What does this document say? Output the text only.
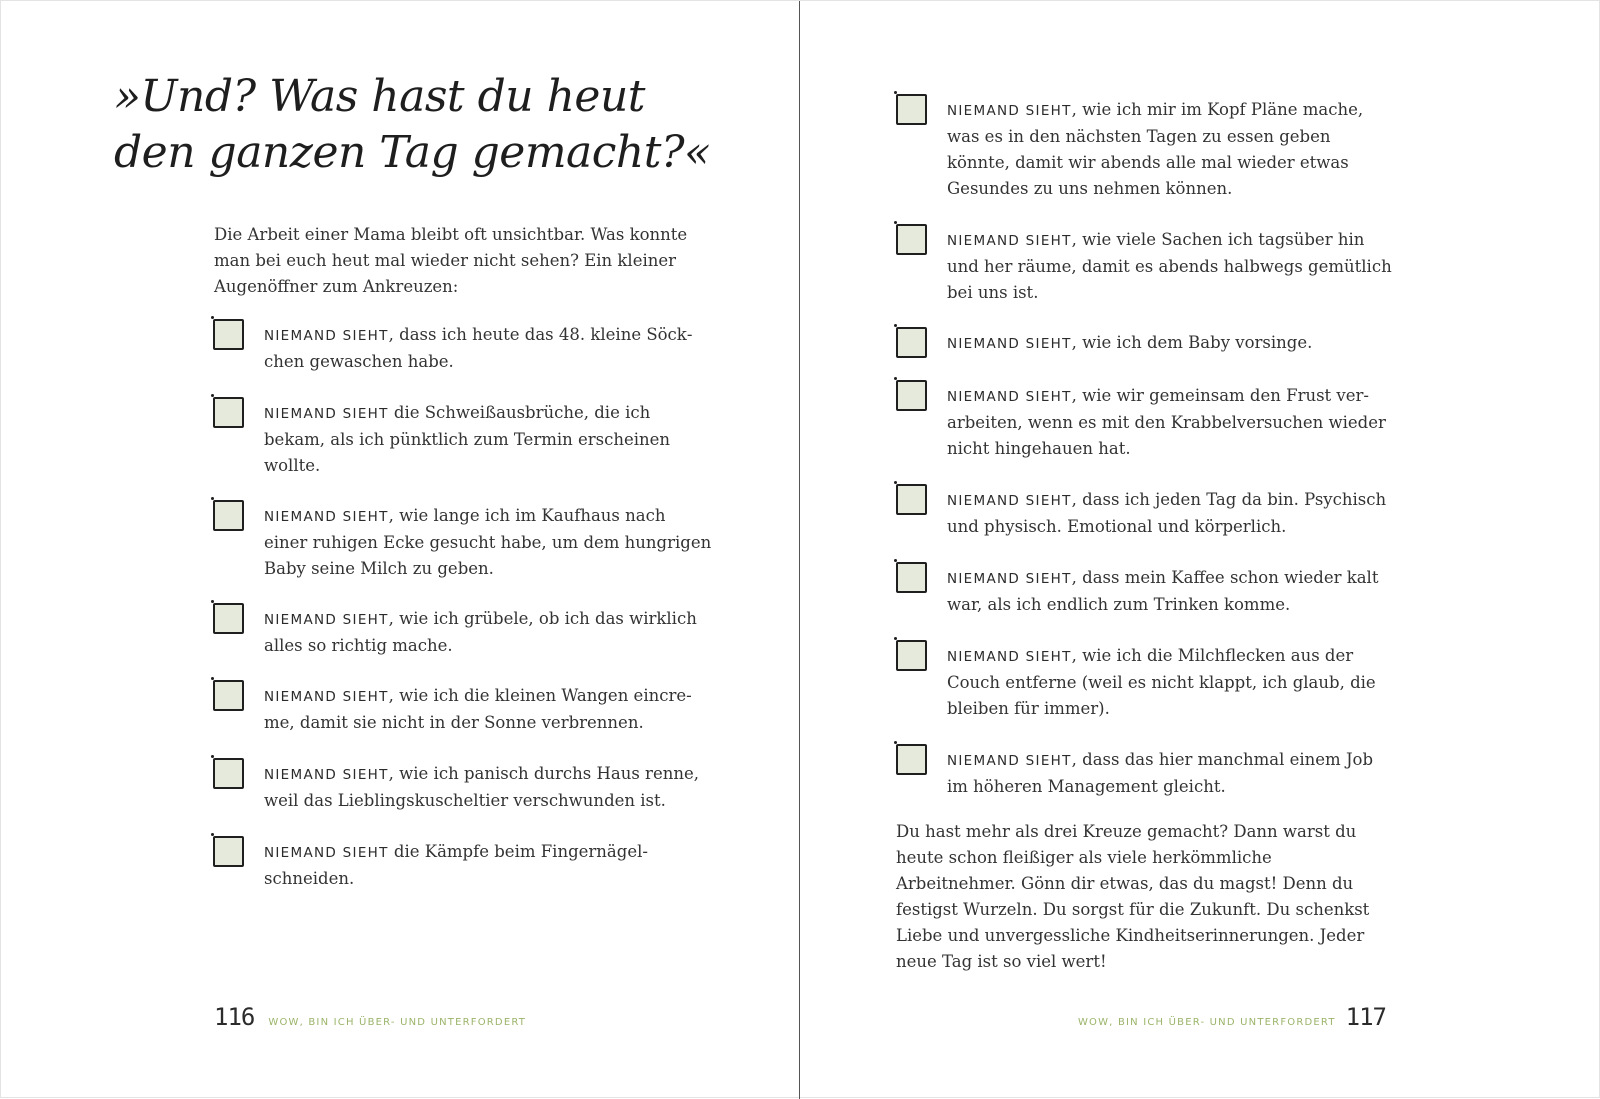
»Und? Was hast du heut
den ganzen Tag gemacht?«

Die Arbeit einer Mama bleibt oft unsichtbar. Was konnte man bei euch heut mal wieder nicht sehen? Ein kleiner Augenöffner zum Ankreuzen:

NIEMAND SIEHT, dass ich heute das 48. kleine Söckchen gewaschen habe.
NIEMAND SIEHT die Schweißausbrüche, die ich bekam, als ich pünktlich zum Termin erscheinen wollte.
NIEMAND SIEHT, wie lange ich im Kaufhaus nach einer ruhigen Ecke gesucht habe, um dem hungrigen Baby seine Milch zu geben.
NIEMAND SIEHT, wie ich grübele, ob ich das wirklich alles so richtig mache.
NIEMAND SIEHT, wie ich die kleinen Wangen eincreme, damit sie nicht in der Sonne verbrennen.
NIEMAND SIEHT, wie ich panisch durchs Haus renne, weil das Lieblingskuscheltier verschwunden ist.
NIEMAND SIEHT die Kämpfe beim Fingernägelschneiden.
116 WOW, BIN ICH ÜBER- UND UNTERFORDERT
NIEMAND SIEHT, wie ich mir im Kopf Pläne mache, was es in den nächsten Tagen zu essen geben könnte, damit wir abends alle mal wieder etwas Gesundes zu uns nehmen können.
NIEMAND SIEHT, wie viele Sachen ich tagsüber hin und her räume, damit es abends halbwegs gemütlich bei uns ist.
NIEMAND SIEHT, wie ich dem Baby vorsinge.
NIEMAND SIEHT, wie wir gemeinsam den Frust verarbeiten, wenn es mit den Krabbelversuchen wieder nicht hingehauen hat.
NIEMAND SIEHT, dass ich jeden Tag da bin. Psychisch und physisch. Emotional und körperlich.
NIEMAND SIEHT, dass mein Kaffee schon wieder kalt war, als ich endlich zum Trinken komme.
NIEMAND SIEHT, wie ich die Milchflecken aus der Couch entferne (weil es nicht klappt, ich glaub, die bleiben für immer).
NIEMAND SIEHT, dass das hier manchmal einem Job im höheren Management gleicht.

Du hast mehr als drei Kreuze gemacht? Dann warst du heute schon fleißiger als viele herkömmliche Arbeitnehmer. Gönn dir etwas, das du magst! Denn du festigst Wurzeln. Du sorgst für die Zukunft. Du schenkst Liebe und unvergessliche Kindheitserinnerungen. Jeder neue Tag ist so viel wert!

WOW, BIN ICH ÜBER- UND UNTERFORDERT 117
